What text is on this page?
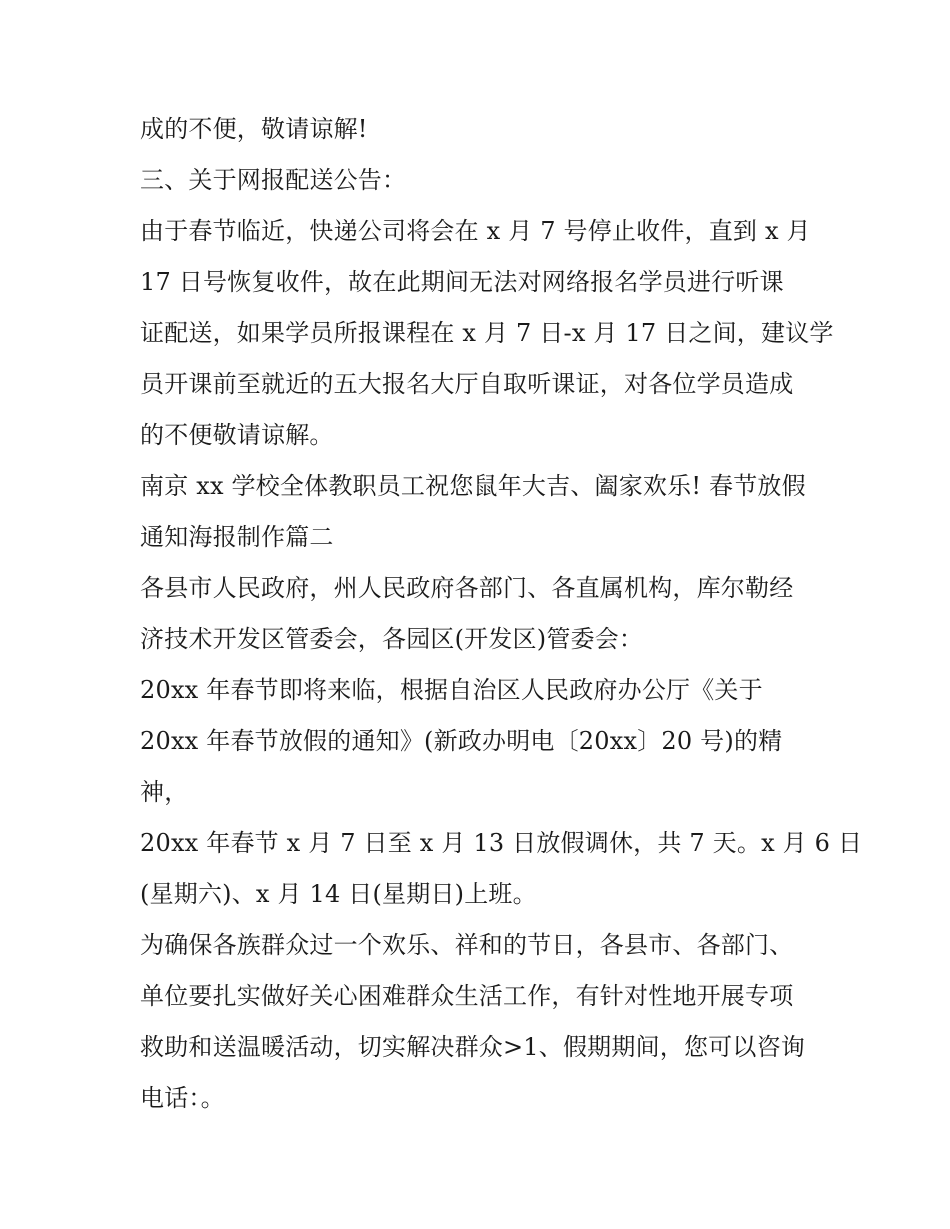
成的不便，敬请谅解!
三、关于网报配送公告：
由于春节临近，快递公司将会在 x 月 7 号停止收件，直到 x 月
17 日号恢复收件，故在此期间无法对网络报名学员进行听课
证配送，如果学员所报课程在 x 月 7 日-x 月 17 日之间，建议学
员开课前至就近的五大报名大厅自取听课证，对各位学员造成
的不便敬请谅解。
南京 xx 学校全体教职员工祝您鼠年大吉、阖家欢乐! 春节放假
通知海报制作篇二
各县市人民政府，州人民政府各部门、各直属机构，库尔勒经
济技术开发区管委会，各园区(开发区)管委会：
20xx 年春节即将来临，根据自治区人民政府办公厅《关于
20xx 年春节放假的通知》(新政办明电〔20xx〕20 号)的精
神，
20xx 年春节 x 月 7 日至 x 月 13 日放假调休，共 7 天。x 月 6 日
(星期六)、x 月 14 日(星期日)上班。
为确保各族群众过一个欢乐、祥和的节日，各县市、各部门、
单位要扎实做好关心困难群众生活工作，有针对性地开展专项
救助和送温暖活动，切实解决群众>1、假期期间，您可以咨询
电话：。
